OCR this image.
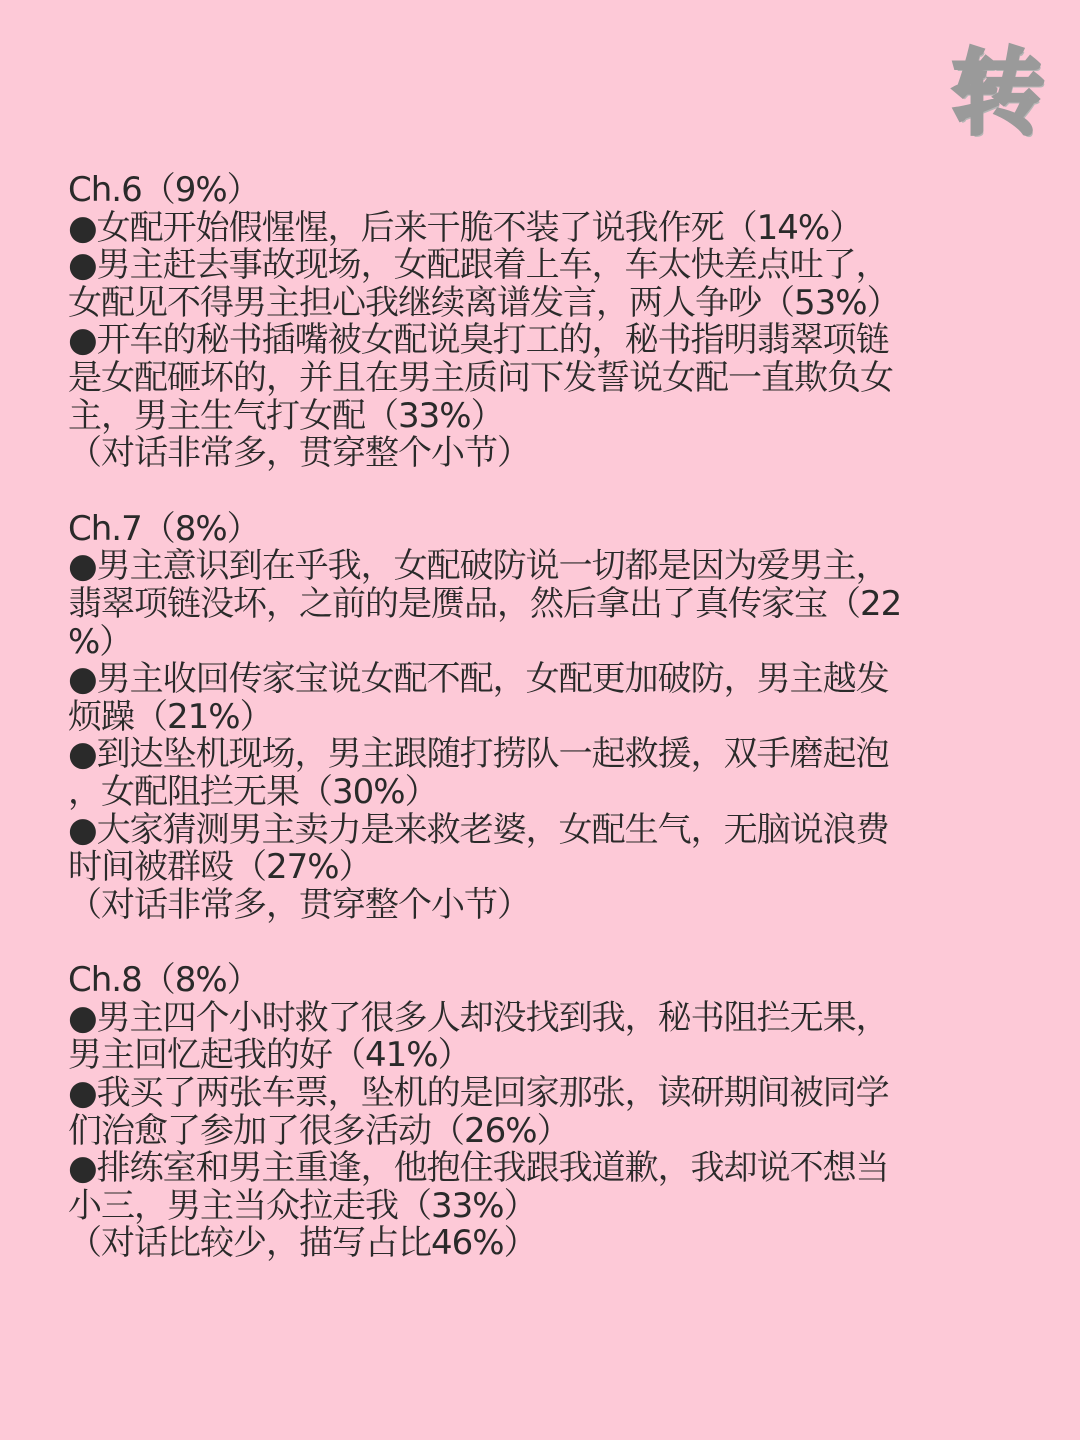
转
Ch.6（9%）
●女配开始假惺惺，后来干脆不装了说我作死（14%）
●男主赶去事故现场，女配跟着上车，车太快差点吐了，
女配见不得男主担心我继续离谱发言，两人争吵（53%）
●开车的秘书插嘴被女配说臭打工的，秘书指明翡翠项链
是女配砸坏的，并且在男主质问下发誓说女配一直欺负女
主，男主生气打女配（33%）
（对话非常多，贯穿整个小节）
Ch.7（8%）
●男主意识到在乎我，女配破防说一切都是因为爱男主，
翡翠项链没坏，之前的是赝品，然后拿出了真传家宝（22
%）
●男主收回传家宝说女配不配，女配更加破防，男主越发
烦躁（21%）
●到达坠机现场，男主跟随打捞队一起救援，双手磨起泡
，女配阻拦无果（30%）
●大家猜测男主卖力是来救老婆，女配生气，无脑说浪费
时间被群殴（27%）
（对话非常多，贯穿整个小节）
Ch.8（8%）
●男主四个小时救了很多人却没找到我，秘书阻拦无果，
男主回忆起我的好（41%）
●我买了两张车票，坠机的是回家那张，读研期间被同学
们治愈了参加了很多活动（26%）
●排练室和男主重逢，他抱住我跟我道歉，我却说不想当
小三，男主当众拉走我（33%）
（对话比较少，描写占比46%）
